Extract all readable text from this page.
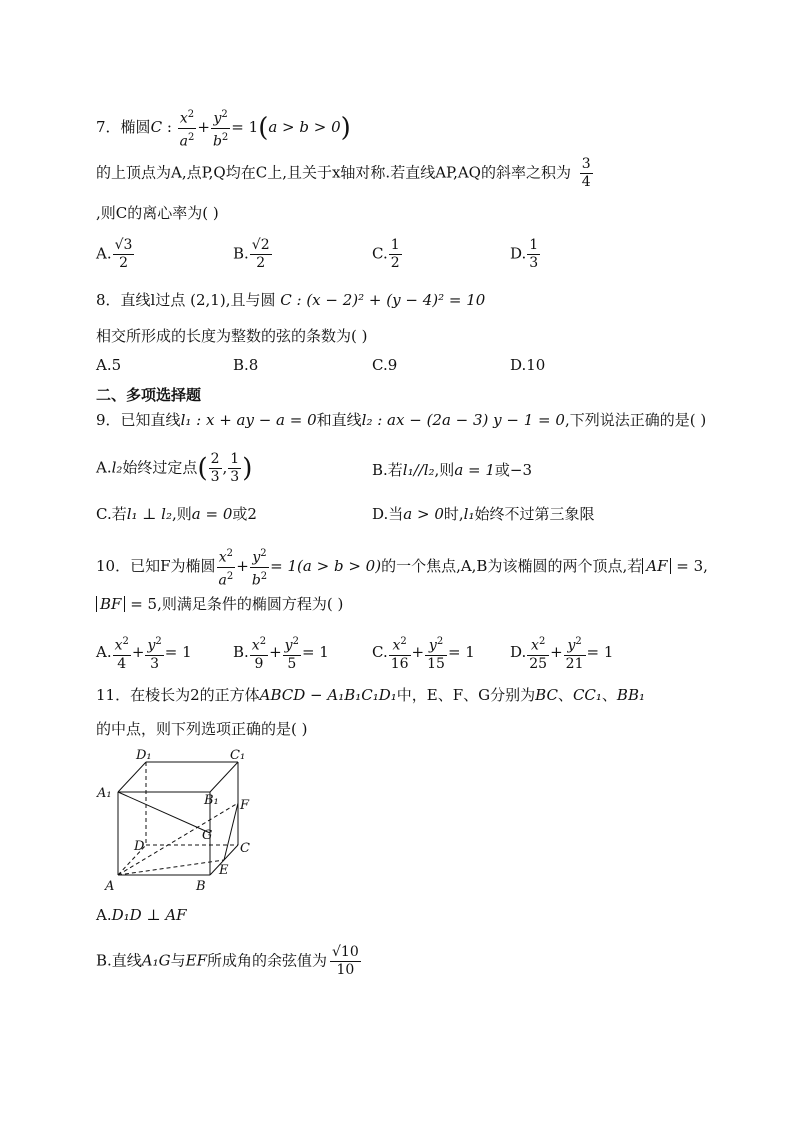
7．椭圆C : $\frac{x^2}{a^2} + \frac{y^2}{b^2} = 1(a > b > 0)$
的上顶点为A,点P,Q均在C上,且关于x轴对称.若直线AP,AQ的斜率之积为 $\frac{3}{4}$
,则C的离心率为( )
A. $\frac{√3}{2}$	B. $\frac{√2}{2}$	C. $\frac{1}{2}$	D. $\frac{1}{3}$
8．直线l过点 (2,1),且与圆 C : (x − 2)² + (y − 4)² = 10
相交所形成的长度为整数的弦的条数为( )
A.5	B.8	C.9	D.10
二、多项选择题
9．已知直线l₁ : x + ay − a = 0和直线l₂ : ax − (2a − 3) y − 1 = 0,下列说法正确的是( )
A.l₂始终过定点( $\frac{2}{3}$ , $\frac{1}{3}$ )	B.若l₁//l₂,则a = 1或−3
C.若l₁ ⊥ l₂,则a = 0或2	D.当a > 0时,l₁始终不过第三象限
10．已知F为椭圆 $\frac{x^2}{a^2} + \frac{y^2}{b^2} = 1(a > b > 0)$的一个焦点,A,B为该椭圆的两个顶点,若 AF = 3,
BF = 5,则满足条件的椭圆方程为( )
A. $\frac{x^2}{4} + \frac{y^2}{3} = 1$	B. $\frac{x^2}{9} + \frac{y^2}{5} = 1$	C. $\frac{x^2}{16} + \frac{y^2}{15} = 1$ D. $\frac{x^2}{25} + \frac{y^2}{21} = 1$
11．在棱长为2的正方体ABCD − A₁B₁C₁D₁中，E、F、G分别为BC、CC₁、BB₁
的中点，则下列选项正确的是( )
D₁	C₁
A₁	B₁ F
G
D	C
E
A	B
A.D₁D ⊥ AF
B.直线A₁G与EF所成角的余弦值为 $\frac{√10}{10}$
